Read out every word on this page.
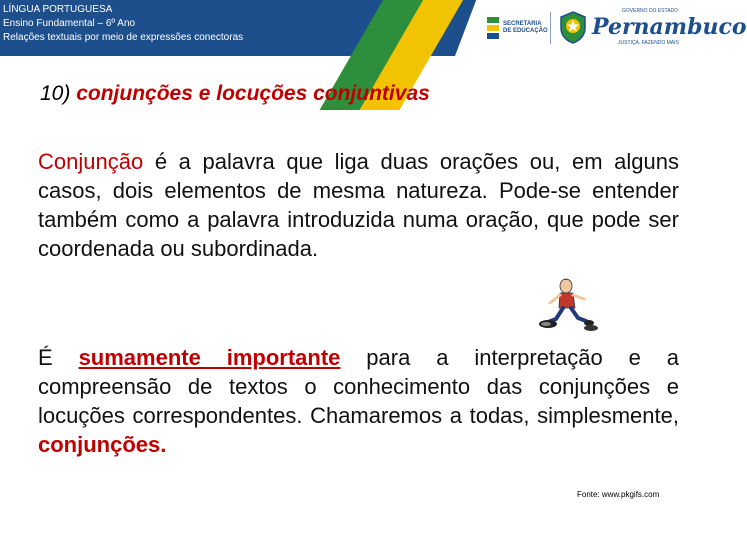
LÍNGUA PORTUGUESA
Ensino Fundamental – 6º Ano
Relações textuais por meio de expressões conectoras
SECRETARIA
DE EDUCAÇÃO
GOVERNO DO ESTADO
Pernambuco
JUSTIÇA. FAZENDO MAIS
10) conjunções e locuções conjuntivas
Conjunção é a palavra que liga duas orações ou, em alguns casos, dois elementos de mesma natureza. Pode-se entender também como a palavra introduzida numa oração, que pode ser coordenada ou subordinada.
É sumamente importante para a interpretação e a compreensão de textos o conhecimento das conjunções e locuções correspondentes. Chamaremos a todas, simplesmente, conjunções.
Fonte: www.pkgifs.com
